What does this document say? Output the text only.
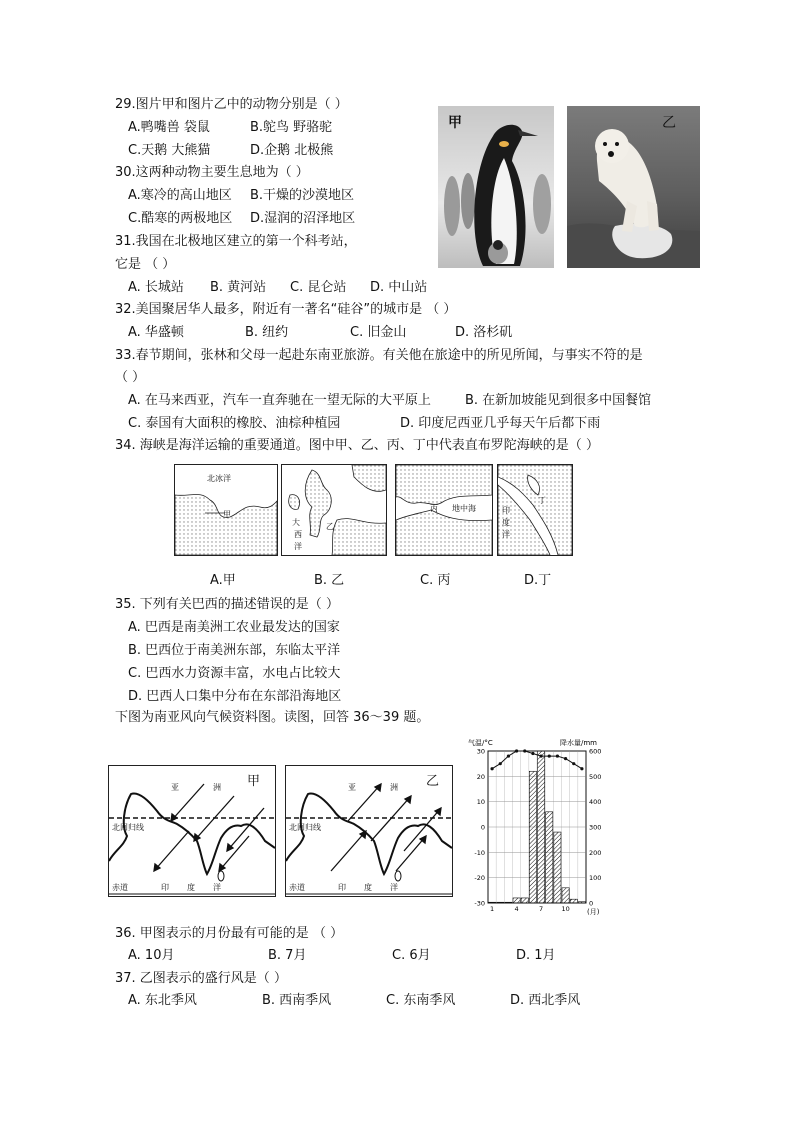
29.图片甲和图片乙中的动物分别是（ ）
A.鸭嘴兽 袋鼠	B.鸵鸟 野骆驼
C.天鹅 大熊猫	D.企鹅 北极熊
30.这两种动物主要生息地为（ ）
A.寒冷的高山地区 B.干燥的沙漠地区
C.酷寒的两极地区 D.湿润的沼泽地区
31.我国在北极地区建立的第一个科考站，
它是 （ ）
A. 长城站 B. 黄河站 C. 昆仑站 D. 中山站
甲	乙
32.美国聚居华人最多，附近有一著名“硅谷”的城市是 （ ）
A. 华盛顿	B. 纽约	C. 旧金山	D. 洛杉矶
33.春节期间，张林和父母一起赴东南亚旅游。有关他在旅途中的所见所闻，与事实不符的是
（ ）
A. 在马来西亚，汽车一直奔驰在一望无际的大平原上	B. 在新加坡能见到很多中国餐馆
C. 泰国有大面积的橡胶、油棕种植园	D. 印度尼西亚几乎每天午后都下雨
34. 海峡是海洋运输的重要通道。图中甲、乙、丙、丁中代表直布罗陀海峡的是（ ）
北冰洋
甲
大
西
洋
乙
丙 地中海	印
度
洋
丁
A.甲	B. 乙	C. 丙	D.丁
35. 下列有关巴西的描述错误的是（ ）
A. 巴西是南美洲工农业最发达的国家
B. 巴西位于南美洲东部，东临太平洋
C. 巴西水力资源丰富，水电占比较大
D. 巴西人口集中分布在东部沿海地区
下图为南亚风向气候资料图。读图，回答 36～39 题。
甲
亚	洲
北回归线
赤道	印 度 洋
乙
亚	洲
北回归线
赤道	印 度 洋
气温/°C	降水量/mm
(月)
30
20
10
0
-10
-20
-30
600
500
400
300
200
100
0
1	4	7	10
36. 甲图表示的月份最有可能的是 （ ）
A. 10月	B. 7月	C. 6月	D. 1月
37. 乙图表示的盛行风是（ ）
A. 东北季风	B. 西南季风	C. 东南季风	D. 西北季风
